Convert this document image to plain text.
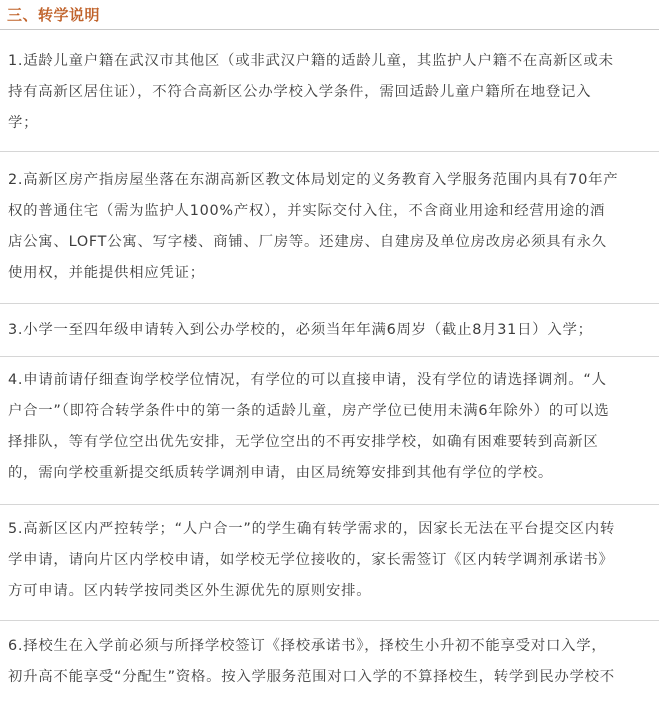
三、转学说明
1.适龄儿童户籍在武汉市其他区（或非武汉户籍的适龄儿童，其监护人户籍不在高新区或未
持有高新区居住证），不符合高新区公办学校入学条件，需回适龄儿童户籍所在地登记入
学；
2.高新区房产指房屋坐落在东湖高新区教文体局划定的义务教育入学服务范围内具有70年产
权的普通住宅（需为监护人100%产权），并实际交付入住，不含商业用途和经营用途的酒
店公寓、LOFT公寓、写字楼、商铺、厂房等。还建房、自建房及单位房改房必须具有永久
使用权，并能提供相应凭证；
3.小学一至四年级申请转入到公办学校的，必须当年年满6周岁（截止8月31日）入学；
4.申请前请仔细查询学校学位情况，有学位的可以直接申请，没有学位的请选择调剂。“人
户合一”（即符合转学条件中的第一条的适龄儿童，房产学位已使用未满6年除外）的可以选
择排队，等有学位空出优先安排，无学位空出的不再安排学校，如确有困难要转到高新区
的，需向学校重新提交纸质转学调剂申请，由区局统筹安排到其他有学位的学校。
5.高新区区内严控转学；“人户合一”的学生确有转学需求的，因家长无法在平台提交区内转
学申请，请向片区内学校申请，如学校无学位接收的，家长需签订《区内转学调剂承诺书》
方可申请。区内转学按同类区外生源优先的原则安排。
6.择校生在入学前必须与所择学校签订《择校承诺书》，择校生小升初不能享受对口入学，
初升高不能享受“分配生”资格。按入学服务范围对口入学的不算择校生，转学到民办学校不
